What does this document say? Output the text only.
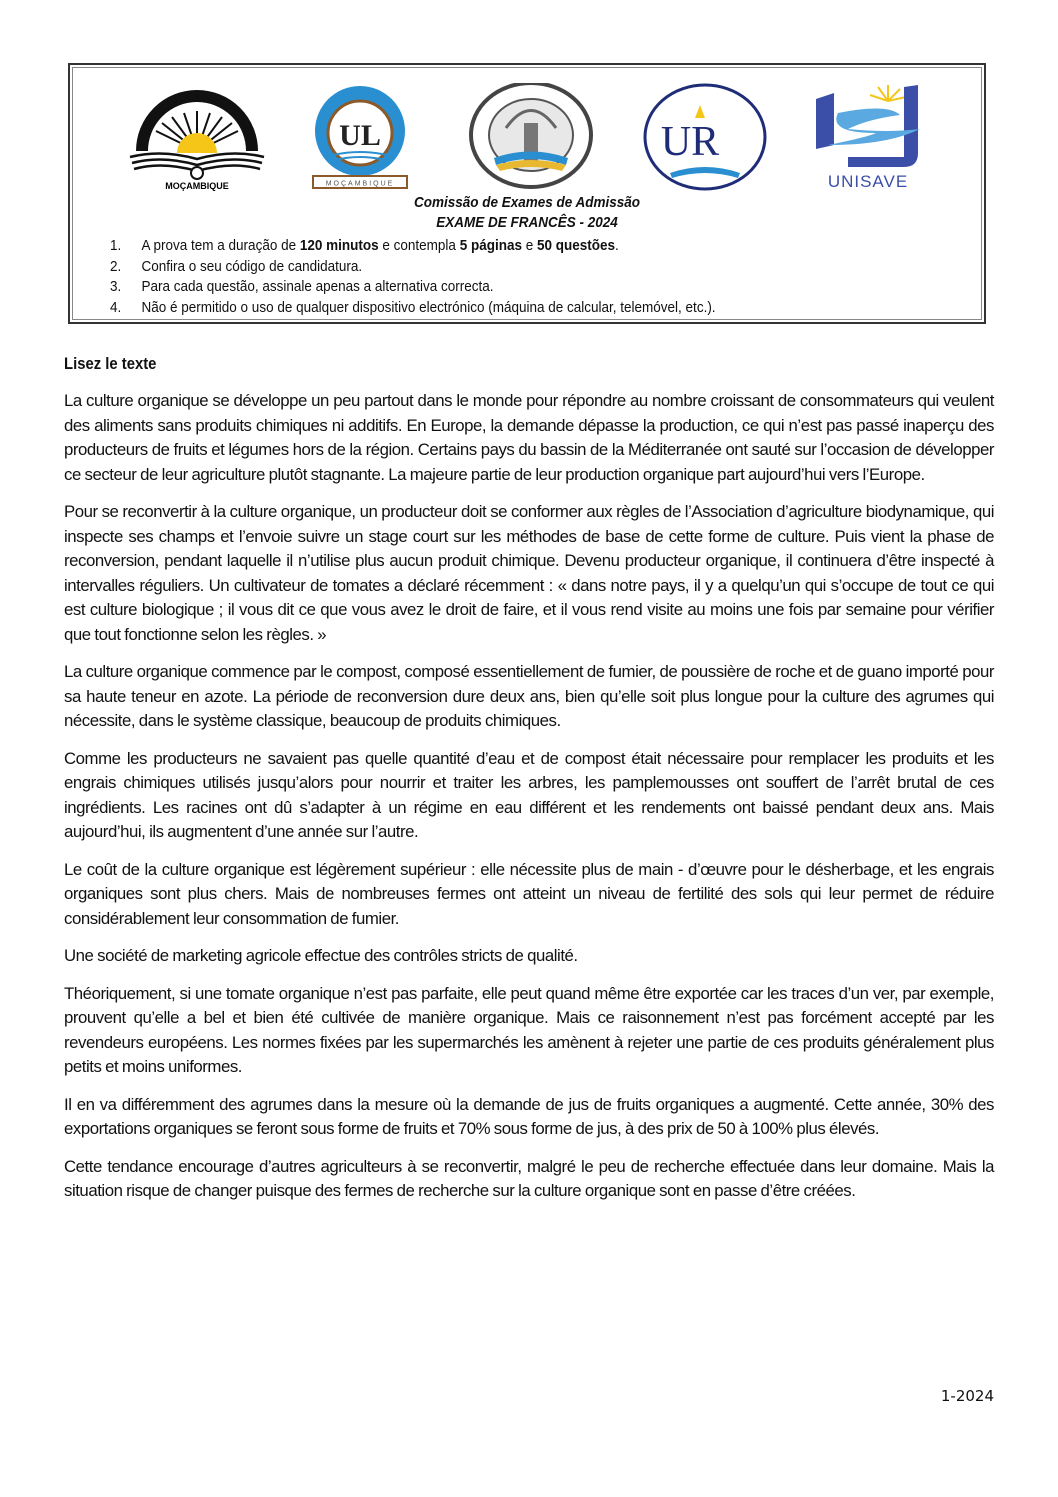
MOÇAMBIQUE
UL
MOÇAMBIQUE
UR
UNISAVE
Comissão de Exames de Admissão
EXAME DE FRANCÊS - 2024
1.	A prova tem a duração de 120 minutos e contempla 5 páginas e 50 questões.
2.	Confira o seu código de candidatura.
3.	Para cada questão, assinale apenas a alternativa correcta.
4.	Não é permitido o uso de qualquer dispositivo electrónico (máquina de calcular, telemóvel, etc.).
Lisez le texte

La culture organique se développe un peu partout dans le monde pour répondre au nombre croissant de consommateurs qui veulent des aliments sans produits chimiques ni additifs. En Europe, la demande dépasse la production, ce qui n’est pas passé inaperçu des producteurs de fruits et légumes hors de la région. Certains pays du bassin de la Méditerranée ont sauté sur l’occasion de développer ce secteur de leur agriculture plutôt stagnante. La majeure partie de leur production organique part aujourd’hui vers l’Europe.

Pour se reconvertir à la culture organique, un producteur doit se conformer aux règles de l’Association d’agriculture biodynamique, qui inspecte ses champs et l’envoie suivre un stage court sur les méthodes de base de cette forme de culture. Puis vient la phase de reconversion, pendant laquelle il n’utilise plus aucun produit chimique. Devenu producteur organique, il continuera d’être inspecté à intervalles réguliers. Un cultivateur de tomates a déclaré récemment : « dans notre pays, il y a quelqu’un qui s’occupe de tout ce qui est culture biologique ; il vous dit ce que vous avez le droit de faire, et il vous rend visite au moins une fois par semaine pour vérifier que tout fonctionne selon les règles. »

La culture organique commence par le compost, composé essentiellement de fumier, de poussière de roche et de guano importé pour sa haute teneur en azote. La période de reconversion dure deux ans, bien qu’elle soit plus longue pour la culture des agrumes qui nécessite, dans le système classique, beaucoup de produits chimiques.

Comme les producteurs ne savaient pas quelle quantité d’eau et de compost était nécessaire pour remplacer les produits et les engrais chimiques utilisés jusqu’alors pour nourrir et traiter les arbres, les pamplemousses ont souffert de l’arrêt brutal de ces ingrédients. Les racines ont dû s’adapter à un régime en eau différent et les rendements ont baissé pendant deux ans. Mais aujourd’hui, ils augmentent d’une année sur l’autre.

Le coût de la culture organique est légèrement supérieur : elle nécessite plus de main - d’œuvre pour le désherbage, et les engrais organiques sont plus chers. Mais de nombreuses fermes ont atteint un niveau de fertilité des sols qui leur permet de réduire considérablement leur consommation de fumier.

Une société de marketing agricole effectue des contrôles stricts de qualité.

Théoriquement, si une tomate organique n’est pas parfaite, elle peut quand même être exportée car les traces d’un ver, par exemple, prouvent qu’elle a bel et bien été cultivée de manière organique. Mais ce raisonnement n’est pas forcément accepté par les revendeurs européens. Les normes fixées par les supermarchés les amènent à rejeter une partie de ces produits généralement plus petits et moins uniformes.

Il en va différemment des agrumes dans la mesure où la demande de jus de fruits organiques a augmenté. Cette année, 30% des exportations organiques se feront sous forme de fruits et 70% sous forme de jus, à des prix de 50 à 100% plus élevés.

Cette tendance encourage d’autres agriculteurs à se reconvertir, malgré le peu de recherche effectuée dans leur domaine. Mais la situation risque de changer puisque des fermes de recherche sur la culture organique sont en passe d’être créées.

1-2024
